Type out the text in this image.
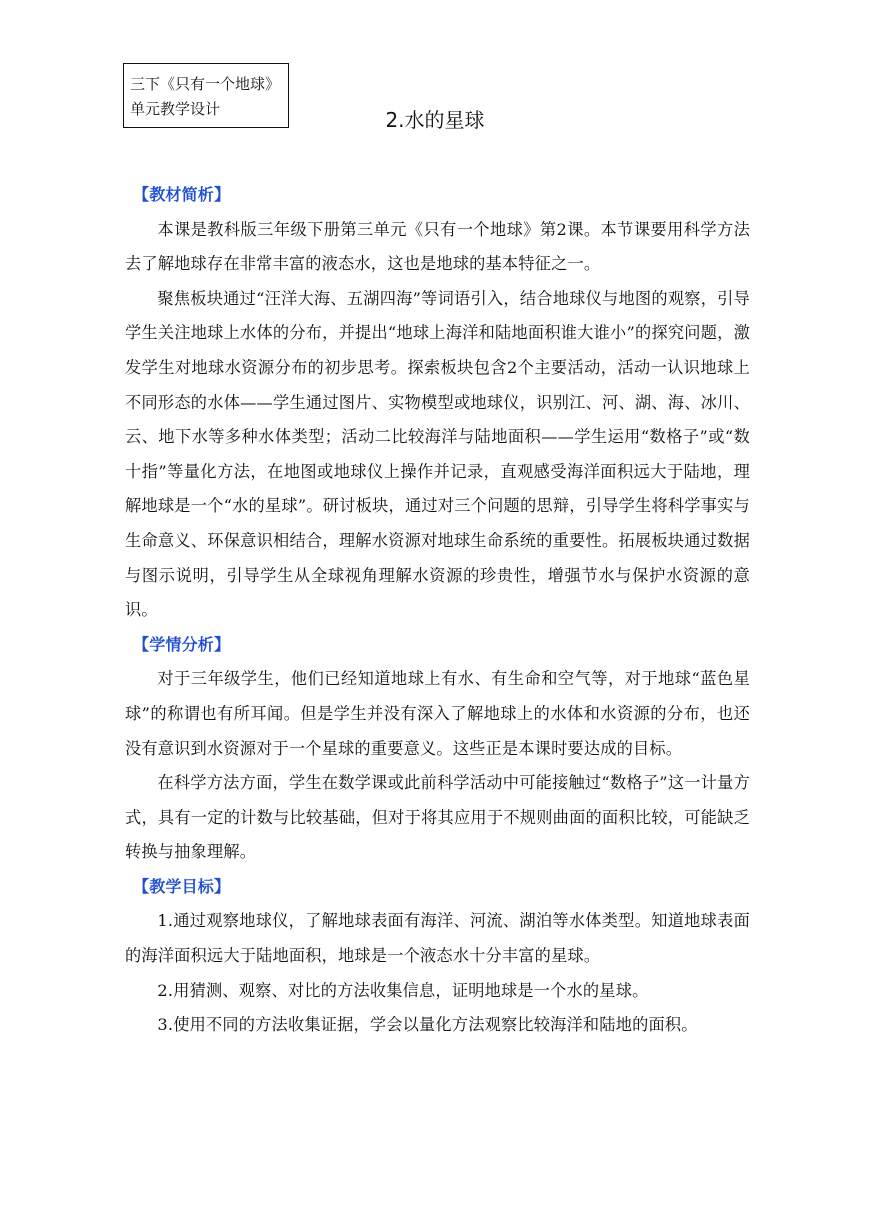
三下《只有一个地球》
单元教学设计	2.水的星球
【教材简析】

本课是教科版三年级下册第三单元《只有一个地球》第2课。本节课要用科学方法去了解地球存在非常丰富的液态水，这也是地球的基本特征之一。

聚焦板块通过“汪洋大海、五湖四海”等词语引入，结合地球仪与地图的观察，引导学生关注地球上水体的分布，并提出“地球上海洋和陆地面积谁大谁小”的探究问题，激发学生对地球水资源分布的初步思考。探索板块包含2个主要活动，活动一认识地球上不同形态的水体——学生通过图片、实物模型或地球仪，识别江、河、湖、海、冰川、云、地下水等多种水体类型；活动二比较海洋与陆地面积——学生运用“数格子”或“数十指”等量化方法，在地图或地球仪上操作并记录，直观感受海洋面积远大于陆地，理解地球是一个“水的星球”。研讨板块，通过对三个问题的思辩，引导学生将科学事实与生命意义、环保意识相结合，理解水资源对地球生命系统的重要性。拓展板块通过数据与图示说明，引导学生从全球视角理解水资源的珍贵性，增强节水与保护水资源的意识。

【学情分析】

对于三年级学生，他们已经知道地球上有水、有生命和空气等，对于地球“蓝色星球”的称谓也有所耳闻。但是学生并没有深入了解地球上的水体和水资源的分布，也还没有意识到水资源对于一个星球的重要意义。这些正是本课时要达成的目标。

在科学方法方面，学生在数学课或此前科学活动中可能接触过“数格子”这一计量方式，具有一定的计数与比较基础，但对于将其应用于不规则曲面的面积比较，可能缺乏转换与抽象理解。

【教学目标】

1.通过观察地球仪，了解地球表面有海洋、河流、湖泊等水体类型。知道地球表面的海洋面积远大于陆地面积，地球是一个液态水十分丰富的星球。

2.用猜测、观察、对比的方法收集信息，证明地球是一个水的星球。

3.使用不同的方法收集证据，学会以量化方法观察比较海洋和陆地的面积。
